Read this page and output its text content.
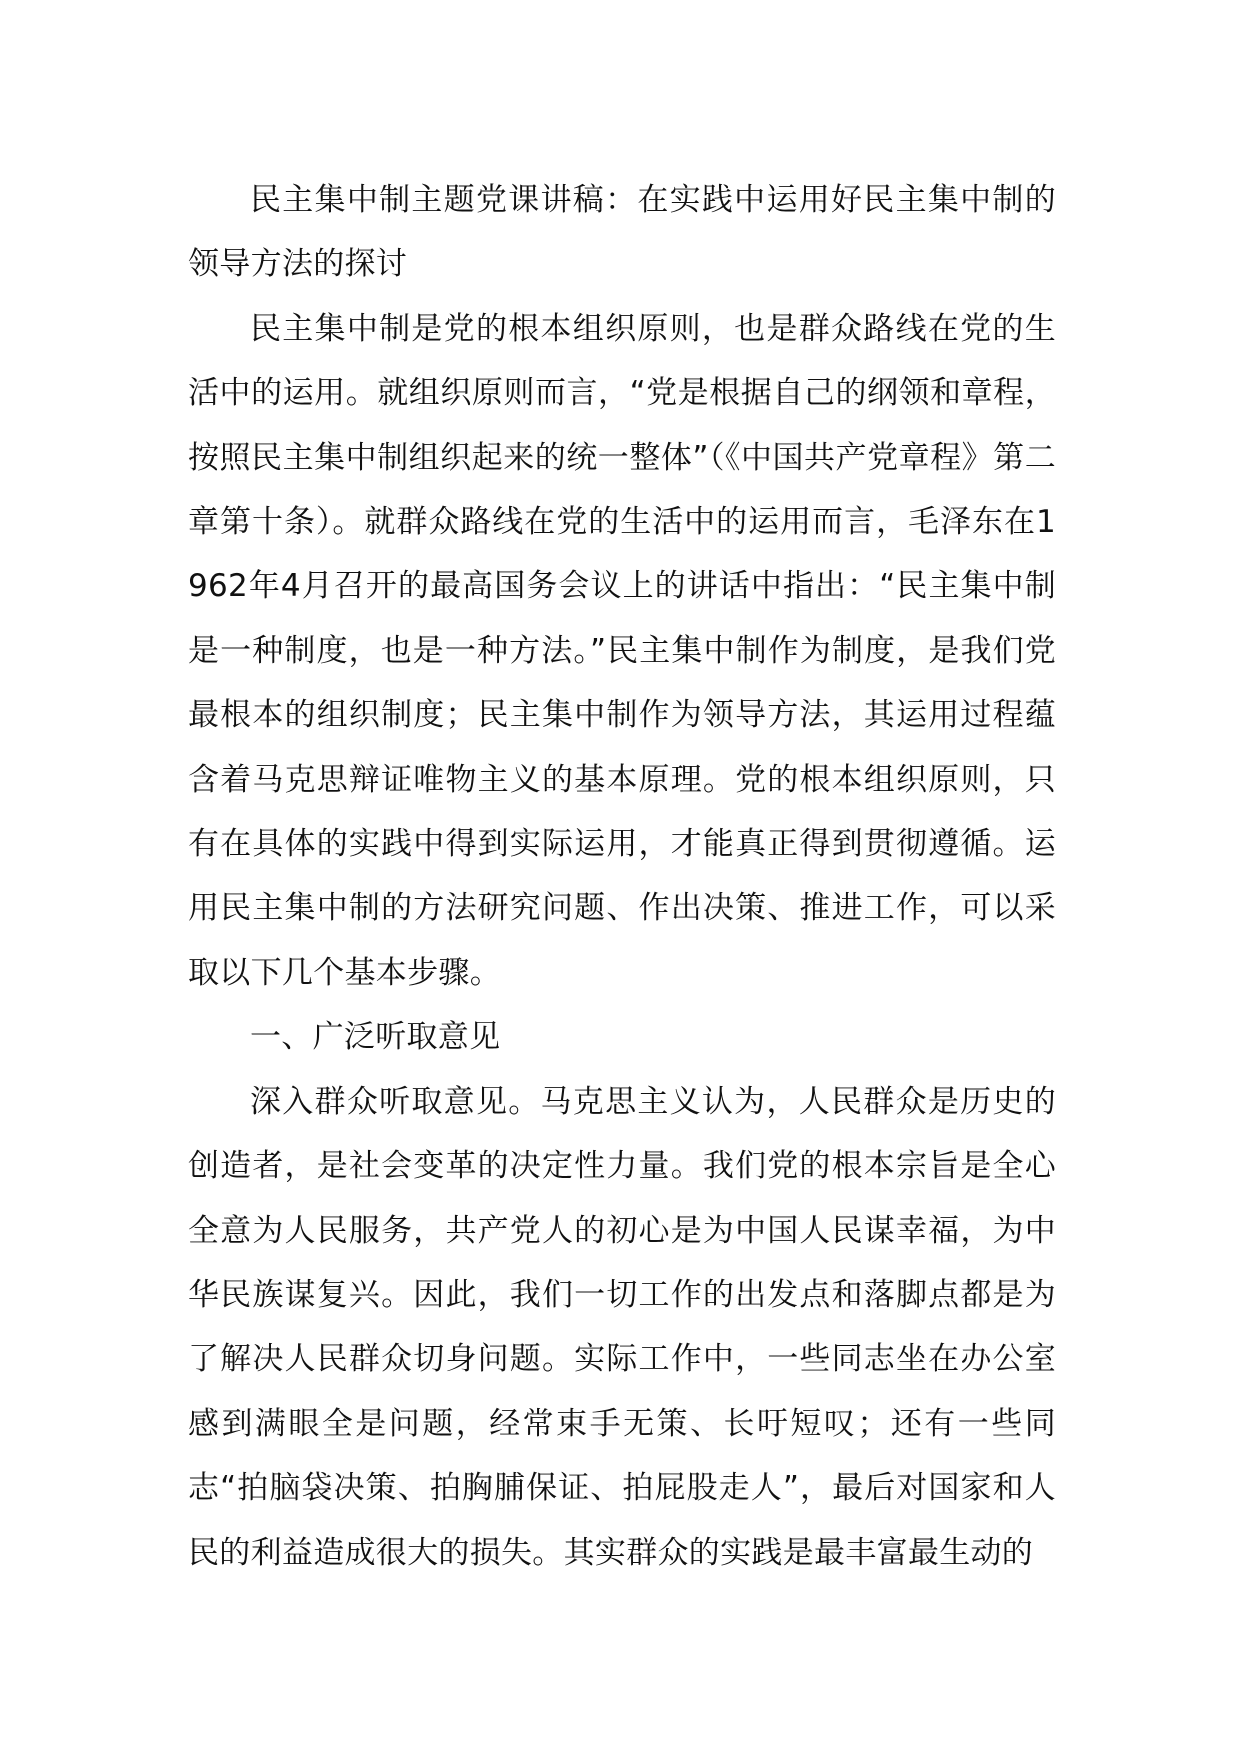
民主集中制主题党课讲稿：在实践中运用好民主集中制的领导方法的探讨

民主集中制是党的根本组织原则，也是群众路线在党的生活中的运用。就组织原则而言，“党是根据自己的纲领和章程，按照民主集中制组织起来的统一整体”（《中国共产党章程》第二章第十条）。就群众路线在党的生活中的运用而言，毛泽东在1962年4月召开的最高国务会议上的讲话中指出：“民主集中制是一种制度，也是一种方法。”民主集中制作为制度，是我们党最根本的组织制度；民主集中制作为领导方法，其运用过程蕴含着马克思辩证唯物主义的基本原理。党的根本组织原则，只有在具体的实践中得到实际运用，才能真正得到贯彻遵循。运用民主集中制的方法研究问题、作出决策、推进工作，可以采取以下几个基本步骤。

一、广泛听取意见

深入群众听取意见。马克思主义认为，人民群众是历史的创造者，是社会变革的决定性力量。我们党的根本宗旨是全心全意为人民服务，共产党人的初心是为中国人民谋幸福，为中华民族谋复兴。因此，我们一切工作的出发点和落脚点都是为了解决人民群众切身问题。实际工作中，一些同志坐在办公室感到满眼全是问题，经常束手无策、长吁短叹；还有一些同志“拍脑袋决策、拍胸脯保证、拍屁股走人”，最后对国家和人民的利益造成很大的损失。其实群众的实践是最丰富最生动的
